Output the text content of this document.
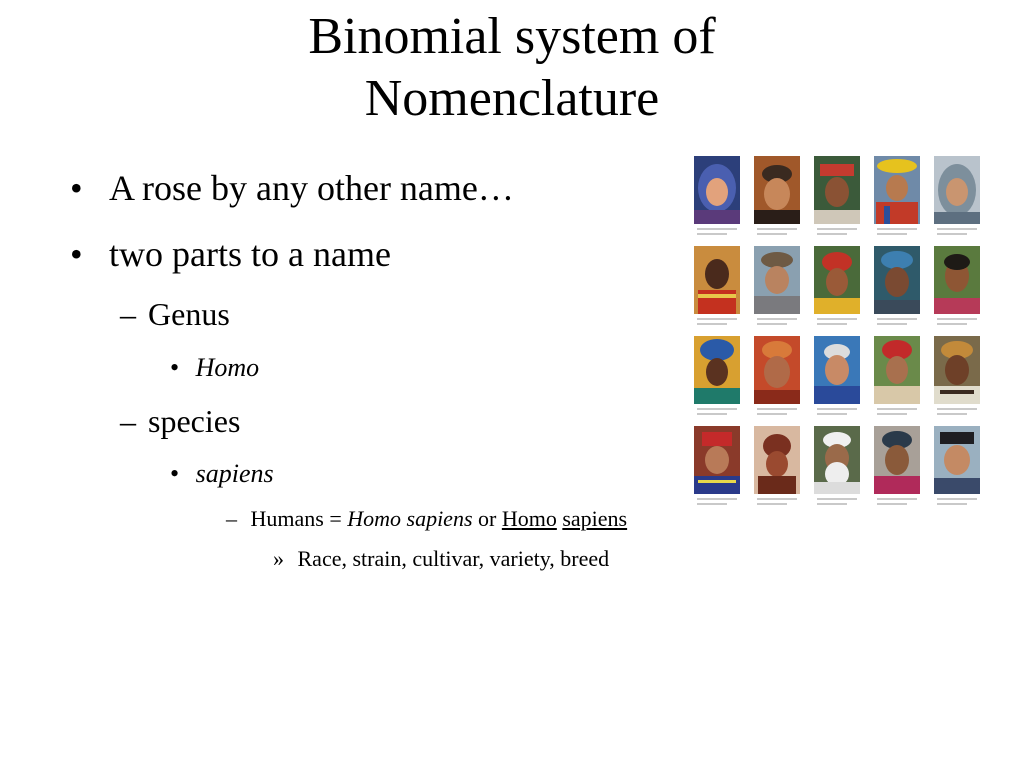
Binomial system of
Nomenclature
• A rose by any other name…
• two parts to a name
– Genus
• Homo
– species
• sapiens
– Humans = Homo sapiens or Homo sapiens
» Race, strain, cultivar, variety, breed
